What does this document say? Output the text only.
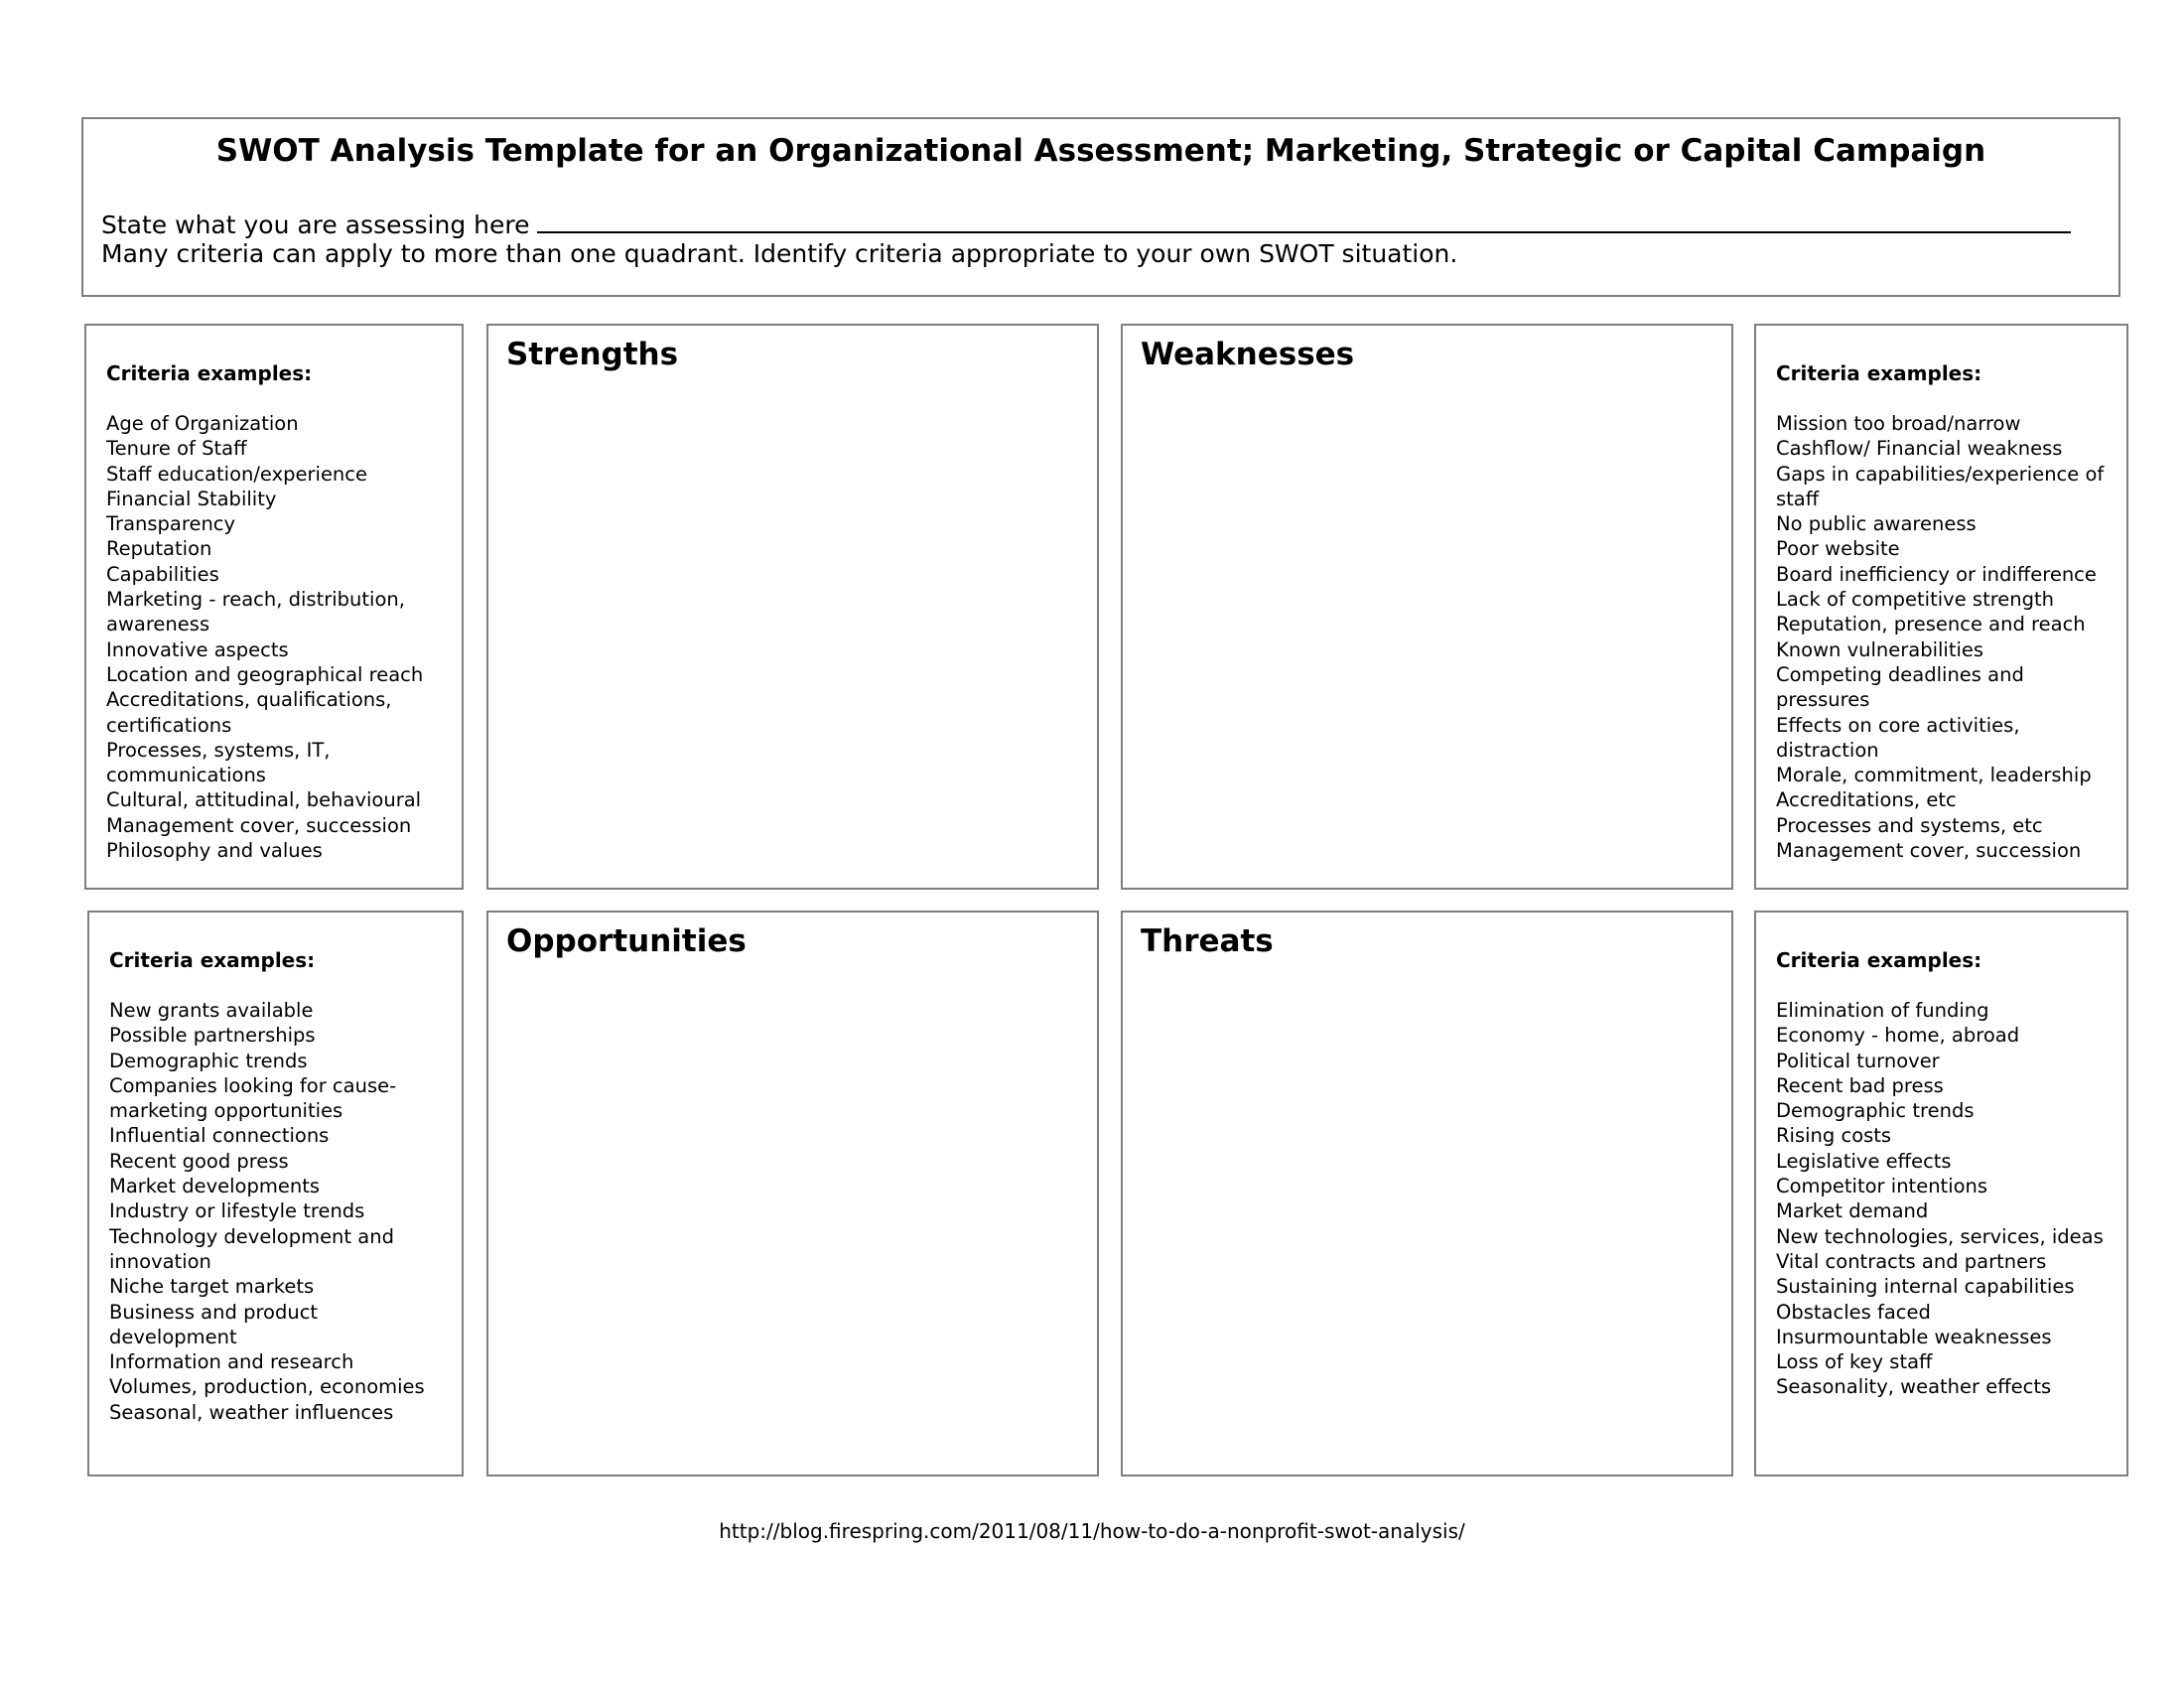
SWOT Analysis Template for an Organizational Assessment; Marketing, Strategic or Capital Campaign
State what you are assessing here
Many criteria can apply to more than one quadrant. Identify criteria appropriate to your own SWOT situation.
Criteria examples:
Age of Organization
Tenure of Staff
Staff education/experience
Financial Stability
Transparency
Reputation
Capabilities
Marketing - reach, distribution, awareness
Innovative aspects
Location and geographical reach
Accreditations, qualifications, certifications
Processes, systems, IT, communications
Cultural, attitudinal, behavioural
Management cover, succession
Philosophy and values
Strengths	Weaknesses
Criteria examples:
Mission too broad/narrow
Cashflow/ Financial weakness
Gaps in capabilities/experience of staff
No public awareness
Poor website
Board inefficiency or indifference
Lack of competitive strength
Reputation, presence and reach
Known vulnerabilities
Competing deadlines and pressures
Effects on core activities, distraction
Morale, commitment, leadership
Accreditations, etc
Processes and systems, etc
Management cover, succession
Criteria examples:
New grants available
Possible partnerships
Demographic trends
Companies looking for cause-marketing opportunities
Influential connections
Recent good press
Market developments
Industry or lifestyle trends
Technology development and innovation
Niche target markets
Business and product development
Information and research
Volumes, production, economies
Seasonal, weather influences
Opportunities	Threats
Criteria examples:
Elimination of funding
Economy - home, abroad
Political turnover
Recent bad press
Demographic trends
Rising costs
Legislative effects
Competitor intentions
Market demand
New technologies, services, ideas
Vital contracts and partners
Sustaining internal capabilities
Obstacles faced
Insurmountable weaknesses
Loss of key staff
Seasonality, weather effects
http://blog.firespring.com/2011/08/11/how-to-do-a-nonprofit-swot-analysis/
